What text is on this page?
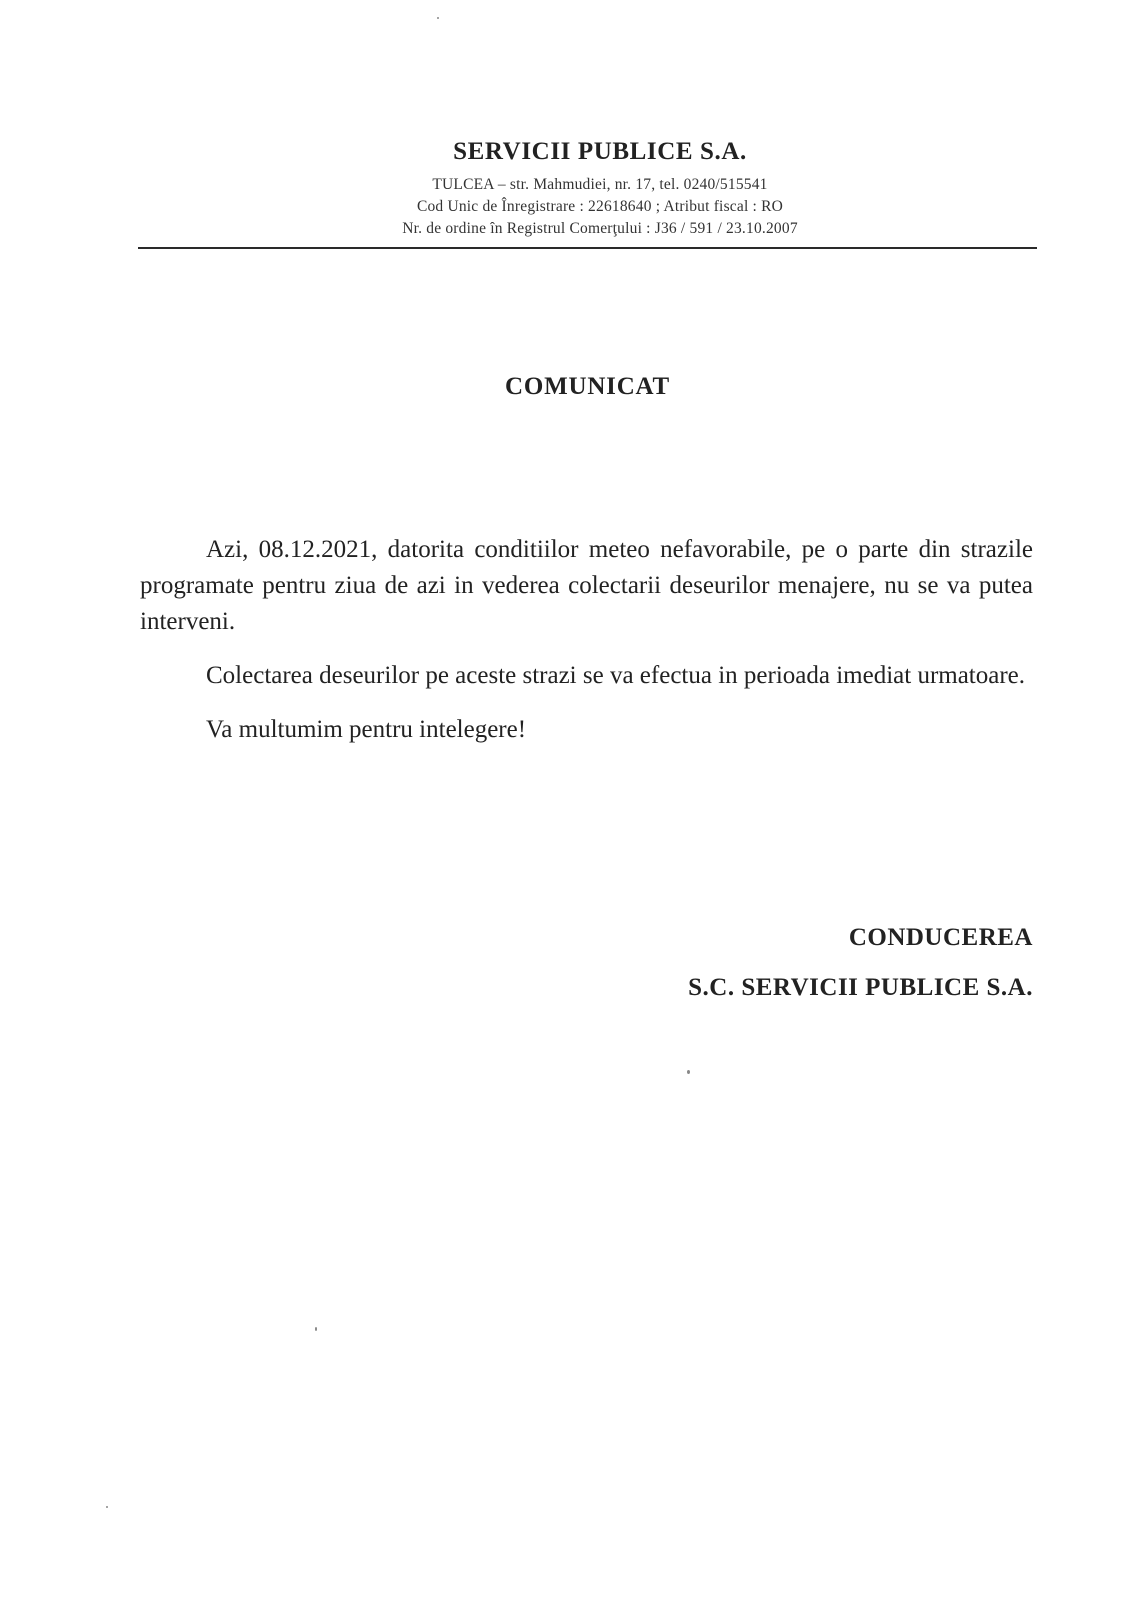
SERVICII PUBLICE S.A.
TULCEA – str. Mahmudiei, nr. 17, tel. 0240/515541
Cod Unic de Înregistrare : 22618640 ; Atribut fiscal : RO
Nr. de ordine în Registrul Comerţului : J36 / 591 / 23.10.2007
COMUNICAT

Azi, 08.12.2021, datorita conditiilor meteo nefavorabile, pe o parte din strazile programate pentru ziua de azi in vederea colectarii deseurilor menajere, nu se va putea interveni.

Colectarea deseurilor pe aceste strazi se va efectua in perioada imediat urmatoare.

Va multumim pentru intelegere!

CONDUCEREA
S.C. SERVICII PUBLICE S.A.
